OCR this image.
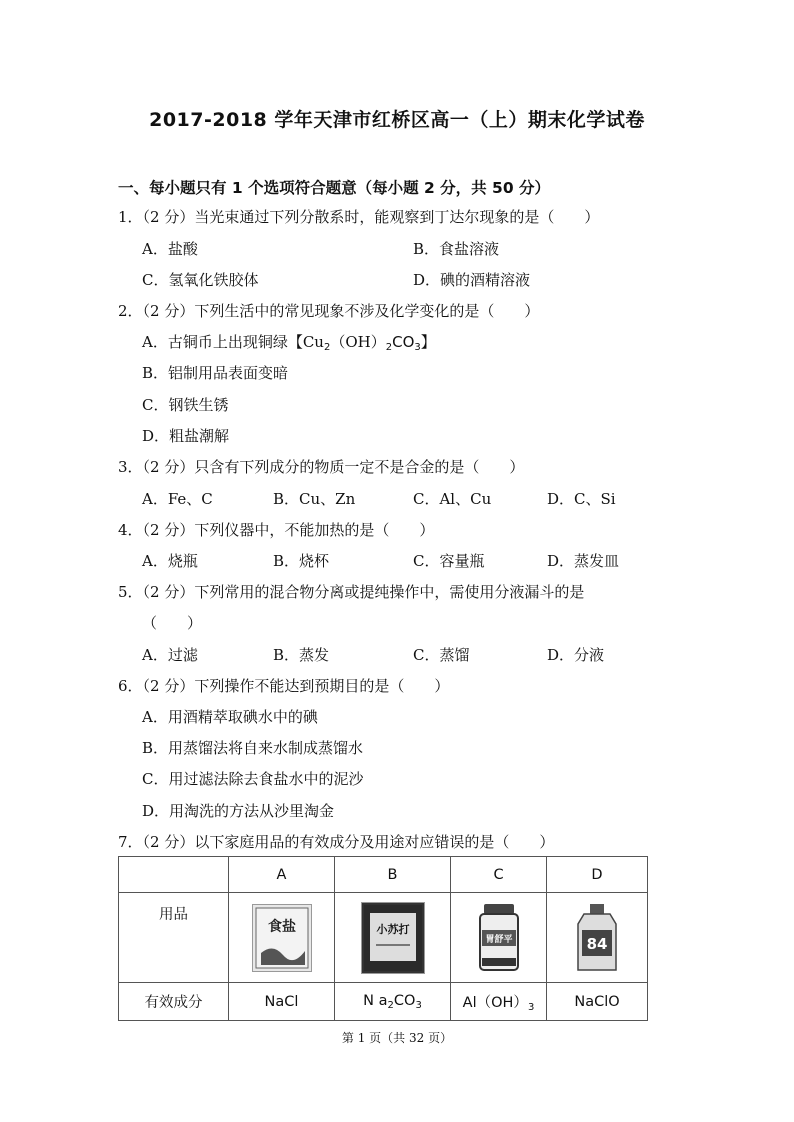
2017-2018 学年天津市红桥区高一（上）期末化学试卷
一、每小题只有 1 个选项符合题意（每小题 2 分，共 50 分）
1．（2 分）当光束通过下列分散系时，能观察到丁达尔现象的是（　　）
A．盐酸	B．食盐溶液
C．氢氧化铁胶体	D．碘的酒精溶液
2．（2 分）下列生活中的常见现象不涉及化学变化的是（　　）
A．古铜币上出现铜绿【$Cu_2(OH)_2CO_3$】
B．铝制用品表面变暗
C．钢铁生锈
D．粗盐潮解
3．（2 分）只含有下列成分的物质一定不是合金的是（　　）
A．Fe、C	B．Cu、Zn	C．Al、Cu	D．C、Si
4．（2 分）下列仪器中，不能加热的是（　　）
A．烧瓶	B．烧杯	C．容量瓶	D．蒸发皿
5．（2 分）下列常用的混合物分离或提纯操作中，需使用分液漏斗的是
（　　）
A．过滤	B．蒸发	C．蒸馏	D．分液
6．（2 分）下列操作不能达到预期目的是（　　）
A．用酒精萃取碘水中的碘
B．用蒸馏法将自来水制成蒸馏水
C．用过滤法除去食盐水中的泥沙
D．用淘洗的方法从沙里淘金
7．（2 分）以下家庭用品的有效成分及用途对应错误的是（　　）
	A	B	C	D
用品	食盐	小苏打	胃舒平	84

有效成分	NaCl	N $a_2CO_3$	$Al(OH)_3$	NaClO
第 1 页（共 32 页）
